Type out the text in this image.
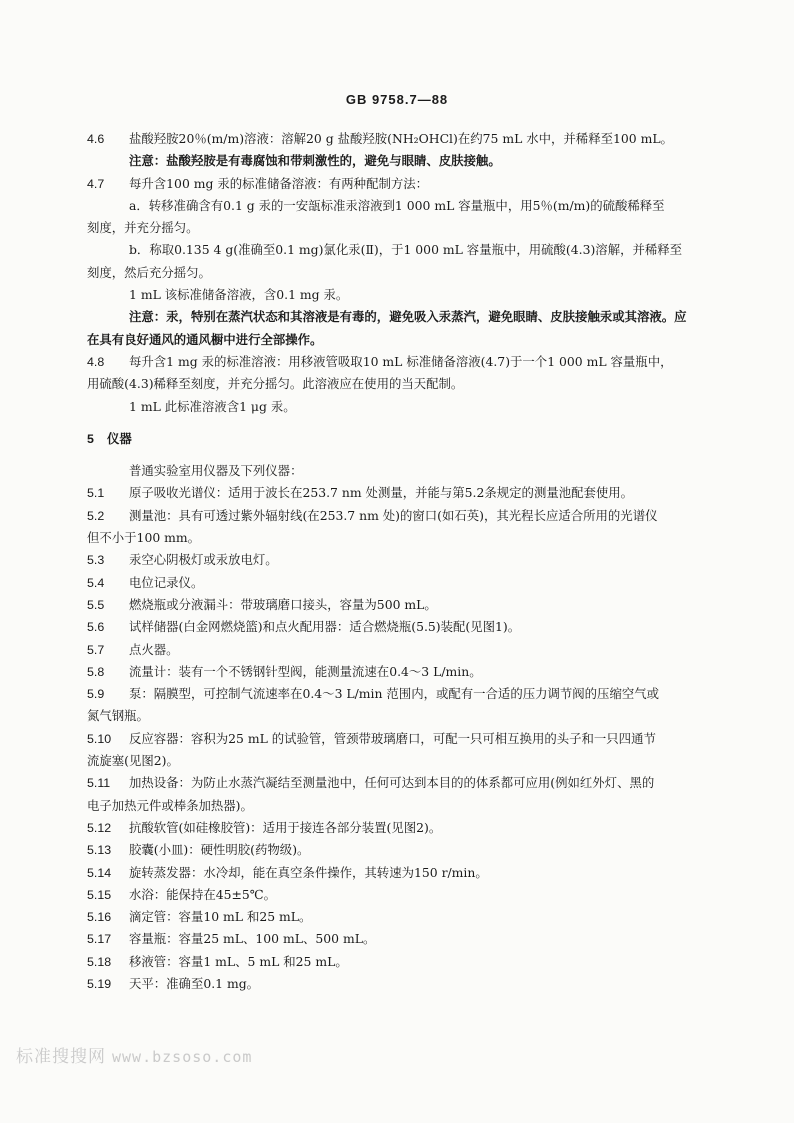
GB 9758.7—88
4.6 盐酸羟胺20％(m/m)溶液：溶解20 g 盐酸羟胺(NH₂OHCl)在约75 mL 水中，并稀释至100 mL。
注意：盐酸羟胺是有毒腐蚀和带刺激性的，避免与眼睛、皮肤接触。
4.7 每升含100 mg 汞的标准储备溶液：有两种配制方法：
a．转移准确含有0.1 g 汞的一安瓿标准汞溶液到1 000 mL 容量瓶中，用5％(m/m)的硫酸稀释至
刻度，并充分摇匀。
b．称取0.135 4 g(准确至0.1 mg)氯化汞(Ⅱ)，于1 000 mL 容量瓶中，用硫酸(4.3)溶解，并稀释至
刻度，然后充分摇匀。
1 mL 该标准储备溶液，含0.1 mg 汞。
注意：汞，特别在蒸汽状态和其溶液是有毒的，避免吸入汞蒸汽，避免眼睛、皮肤接触汞或其溶液。应
在具有良好通风的通风橱中进行全部操作。
4.8 每升含1 mg 汞的标准溶液：用移液管吸取10 mL 标准储备溶液(4.7)于一个1 000 mL 容量瓶中，
用硫酸(4.3)稀释至刻度，并充分摇匀。此溶液应在使用的当天配制。
1 mL 此标准溶液含1 μg 汞。
5 仪器
普通实验室用仪器及下列仪器：
5.1 原子吸收光谱仪：适用于波长在253.7 nm 处测量，并能与第5.2条规定的测量池配套使用。
5.2 测量池：具有可透过紫外辐射线(在253.7 nm 处)的窗口(如石英)，其光程长应适合所用的光谱仪
但不小于100 mm。
5.3 汞空心阴极灯或汞放电灯。
5.4 电位记录仪。
5.5 燃烧瓶或分液漏斗：带玻璃磨口接头，容量为500 mL。
5.6 试样储器(白金网燃烧篮)和点火配用器：适合燃烧瓶(5.5)装配(见图1)。
5.7 点火器。
5.8 流量计：装有一个不锈钢针型阀，能测量流速在0.4～3 L/min。
5.9 泵：隔膜型，可控制气流速率在0.4～3 L/min 范围内，或配有一合适的压力调节阀的压缩空气或
氮气钢瓶。
5.10 反应容器：容积为25 mL 的试验管，管颈带玻璃磨口，可配一只可相互换用的头子和一只四通节
流旋塞(见图2)。
5.11 加热设备：为防止水蒸汽凝结至测量池中，任何可达到本目的的体系都可应用(例如红外灯、黑的
电子加热元件或棒条加热器)。
5.12 抗酸软管(如硅橡胶管)：适用于接连各部分装置(见图2)。
5.13 胶囊(小皿)：硬性明胶(药物级)。
5.14 旋转蒸发器：水冷却，能在真空条件操作，其转速为150 r/min。
5.15 水浴：能保持在45±5℃。
5.16 滴定管：容量10 mL 和25 mL。
5.17 容量瓶：容量25 mL、100 mL、500 mL。
5.18 移液管：容量1 mL、5 mL 和25 mL。
5.19 天平：准确至0.1 mg。
标准搜搜网 www.bzsoso.com
